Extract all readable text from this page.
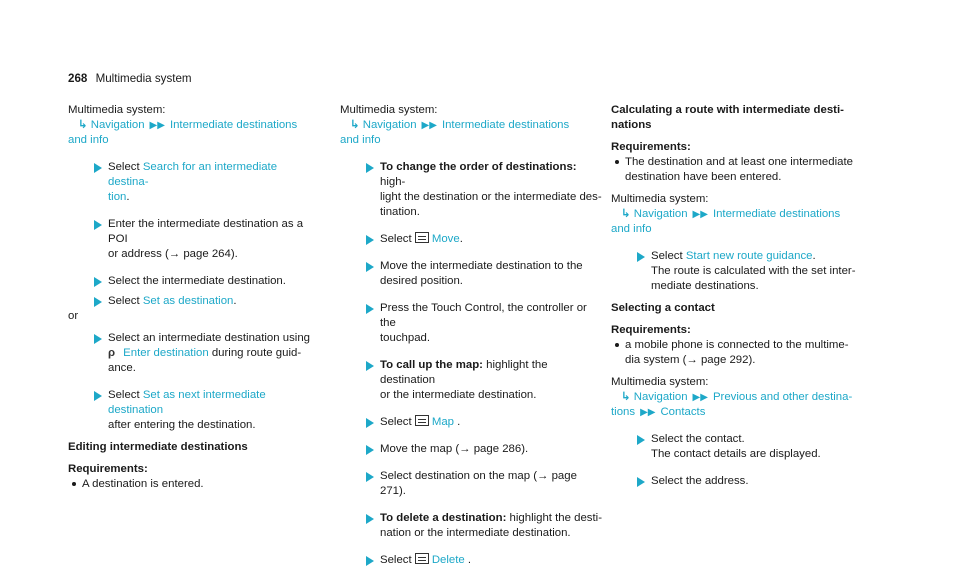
268 Multimedia system

Multimedia system:

↳ Navigation ▶▶ Intermediate destinations

and info

Select Search for an intermediate destina-
tion.
Enter the intermediate destination as a POI
or address (→ page 264).
Select the intermediate destination.
Select Set as destination.

or

Select an intermediate destination using
ρ Enter destination during route guid-
ance.
Select Set as next intermediate destination
after entering the destination.

Editing intermediate destinations

Requirements:

A destination is entered.

Multimedia system:

↳ Navigation ▶▶ Intermediate destinations

and info

To change the order of destinations: high-
light the destination or the intermediate des-
tination.
Select Move.
Move the intermediate destination to the
desired position.
Press the Touch Control, the controller or the
touchpad.
To call up the map: highlight the destination
or the intermediate destination.
Select Map .
Move the map (→ page 286).
Select destination on the map (→ page 271).
To delete a destination: highlight the desti-
nation or the intermediate destination.
Select Delete .

Calculating a route with intermediate desti-
nations

Requirements:

The destination and at least one intermediate
destination have been entered.

Multimedia system:

↳ Navigation ▶▶ Intermediate destinations

and info

Select Start new route guidance.
The route is calculated with the set inter-
mediate destinations.

Selecting a contact

Requirements:

a mobile phone is connected to the multime-
dia system (→ page 292).

Multimedia system:

↳ Navigation ▶▶ Previous and other destina-

tions ▶▶ Contacts

Select the contact.
The contact details are displayed.
Select the address.
